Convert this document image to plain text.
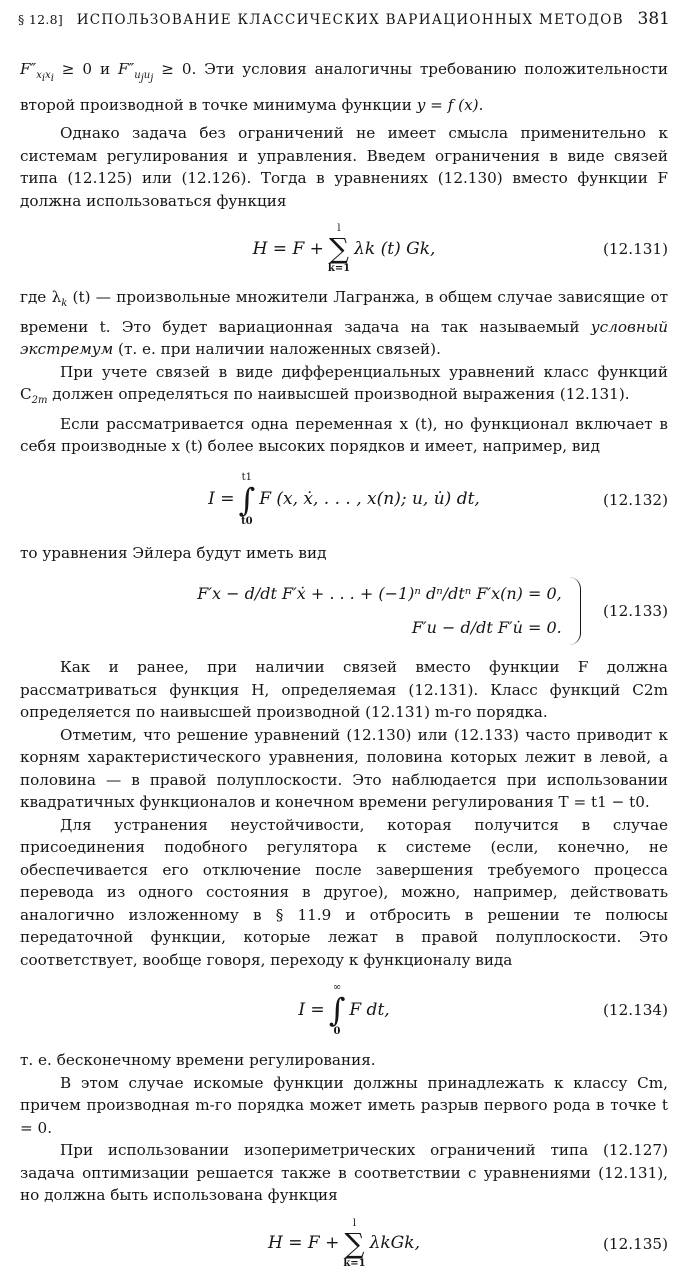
§ 12.8] ИСПОЛЬЗОВАНИЕ КЛАССИЧЕСКИХ ВАРИАЦИОННЫХ МЕТОДОВ 381

$F''_{x_ix_i} \ge 0$ и $F''_{u_ju_j} \ge 0$. Эти условия аналогичны требованию положительности второй производной в точке минимума функции y = f (x).

Однако задача без ограничений не имеет смысла применительно к системам регулирования и управления. Введем ограничения в виде связей типа (12.125) или (12.126). Тогда в уравнениях (12.130) вместо функции F должна использоваться функция

H = F +
l
∑
k=1
λk (t) Gk,	(12.131)

где $\lambda_k$ (t) — произвольные множители Лагранжа, в общем случае зависящие от времени t. Это будет вариационная задача на так называемый условный экстремум (т. е. при наличии наложенных связей).

При учете связей в виде дифференциальных уравнений класс функций $C_{2m}$ должен определяться по наивысшей производной выражения (12.131).

Если рассматривается одна переменная x (t), но функционал включает в себя производные x (t) более высоких порядков и имеет, например, вид

I =
t1
∫
t0
F (x, ẋ, . . . , x(n); u, u̇) dt,	(12.132)

то уравнения Эйлера будут иметь вид

F′x − d/dt F′ẋ + . . . + (−1)ⁿ dⁿ/dtⁿ F′x(n) = 0,
F′u − d/dt F′u̇ = 0.
(12.133)

Как и ранее, при наличии связей вместо функции F должна рассматриваться функция H, определяемая (12.131). Класс функций C2m определяется по наивысшей производной (12.131) m-го порядка.

Отметим, что решение уравнений (12.130) или (12.133) часто приводит к корням характеристического уравнения, половина которых лежит в левой, а половина — в правой полуплоскости. Это наблюдается при использовании квадратичных функционалов и конечном времени регулирования T = t1 − t0.

Для устранения неустойчивости, которая получится в случае присоединения подобного регулятора к системе (если, конечно, не обеспечивается его отключение после завершения требуемого процесса перевода из одного состояния в другое), можно, например, действовать аналогично изложенному в § 11.9 и отбросить в решении те полюсы передаточной функции, которые лежат в правой полуплоскости. Это соответствует, вообще говоря, переходу к функционалу вида

I =
∞
∫
0
F dt,	(12.134)

т. е. бесконечному времени регулирования.

В этом случае искомые функции должны принадлежать к классу Cm, причем производная m-го порядка может иметь разрыв первого рода в точке t = 0.

При использовании изопериметрических ограничений типа (12.127) задача оптимизации решается также в соответствии с уравнениями (12.131), но должна быть использована функция

H = F +
l
∑
k=1
λkGk,	(12.135)
